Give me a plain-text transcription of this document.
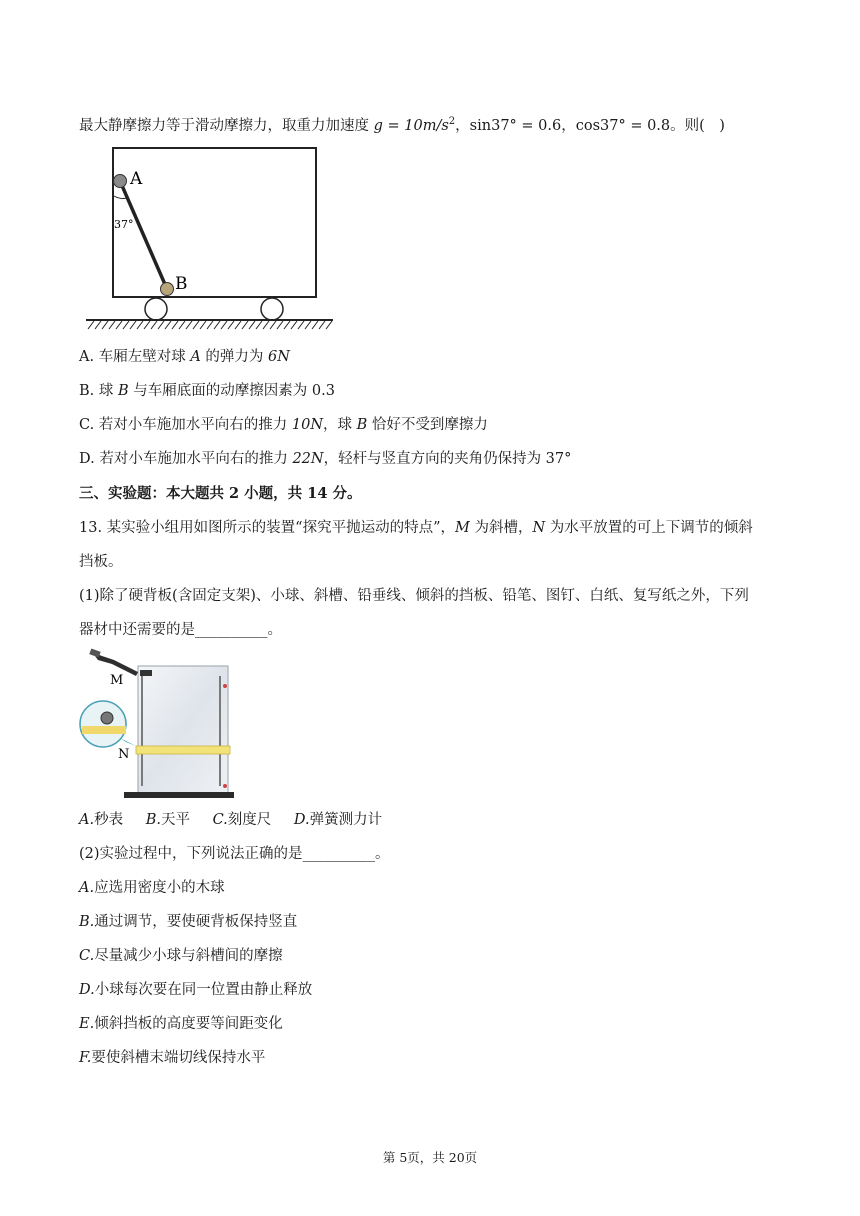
最大静摩擦力等于滑动摩擦力，取重力加速度 $g = 10m/s^2$，sin37° = 0.6，cos37° = 0.8。则(　)
A
B
37°
A. 车厢左壁对球 A 的弹力为 6N
B. 球 B 与车厢底面的动摩擦因素为 0.3
C. 若对小车施加水平向右的推力 10N，球 B 恰好不受到摩擦力
D. 若对小车施加水平向右的推力 22N，轻杆与竖直方向的夹角仍保持为 37°
三、实验题：本大题共 2 小题，共 14 分。
13. 某实验小组用如图所示的装置“探究平抛运动的特点”，M 为斜槽，N 为水平放置的可上下调节的倾斜
挡板。
(1)除了硬背板(含固定支架)、小球、斜槽、铅垂线、倾斜的挡板、铅笔、图钉、白纸、复写纸之外，下列
器材中还需要的是__________。
M
N
A.秒表 B.天平 C.刻度尺 D.弹簧测力计
(2)实验过程中，下列说法正确的是__________。
A.应选用密度小的木球
B.通过调节，要使硬背板保持竖直
C.尽量减少小球与斜槽间的摩擦
D.小球每次要在同一位置由静止释放
E.倾斜挡板的高度要等间距变化
F.要使斜槽末端切线保持水平
第 5页，共 20页
